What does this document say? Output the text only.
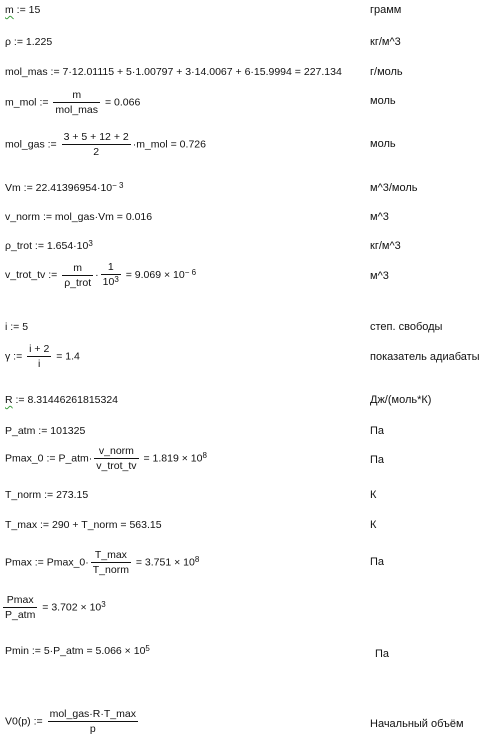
m := 15	грамм
ρ := 1.225	кг/м^3
mol_mas := 7·12.01115 + 5·1.00797 + 3·14.0067 + 6·15.9994 = 227.134	г/моль
m_mol := $\frac{m}{\text{mol\_mas}} = 0.066$	моль
mol_gas := $\frac{3 + 5 + 12 + 2}{2}$ ·m_mol = 0.726	моль
Vm := $22.41396954\cdot 10^{- 3}$	м^3/моль
v_norm := mol_gas·Vm = 0.016	м^3
ρ_trot := $1.654\cdot 10^3$	кг/м^3
v_trot_tv := $\frac{m}{\text{ρ\_trot}} \cdot \frac{1}{10^3} = 9.069 \times 10^{- 6}$	м^3
i := 5	степ. свободы
γ := $\frac{i + 2}{i} = 1.4$	показатель адиабаты
R := 8.31446261815324	Дж/(моль*К)
P_atm := 101325	Па
Pmax_0 := P_atm· $\frac{\text{v\_norm}}{\text{v\_trot\_tv}} = 1.819 \times 10^8$	Па
T_norm := 273.15	К
T_max := 290 + T_norm = 563.15	К
Pmax := Pmax_0· $\frac{T\_\max}{\text{T\_norm}} = 3.751 \times 10^8$	Па
$\frac{Pmax}{\text{P\_atm}} = 3.702 \times 10^3$
Pmin := 5·P_atm = $5.066 \times 10^5$	Па
V0(p) := $\frac{\text{mol\_gas·R·T\_max}}{p}$	Начальный объём
